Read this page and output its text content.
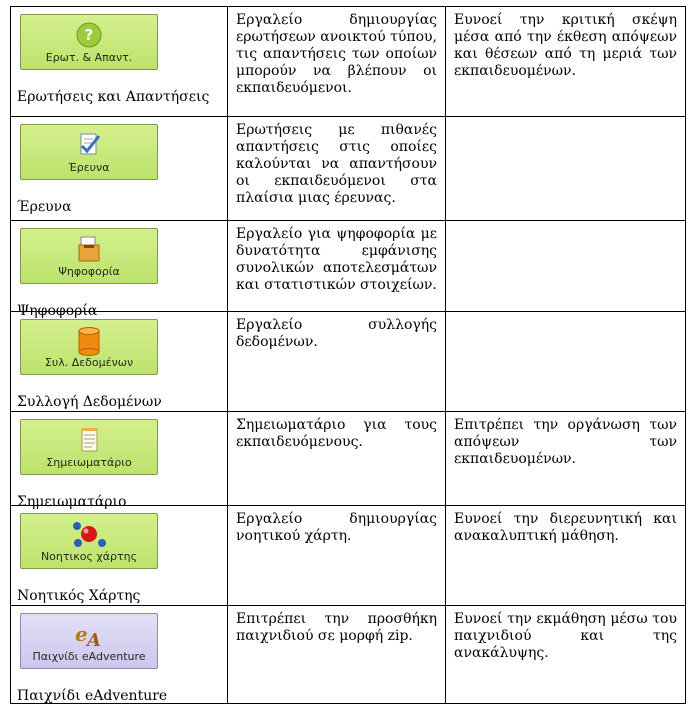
?
Ερωτ. & Απαντ.
Ερωτήσεις και Απαντήσεις	Εργαλείο δημιουργίας ερωτήσεων ανοικτού τύπου, τις απαντήσεις των οποίων μπορούν να βλέπουν οι εκπαιδευόμενοι.	Ευνοεί την κριτική σκέψη μέσα από την έκθεση απόψεων και θέσεων από τη μεριά των εκπαιδευομένων.

Έρευνα
Έρευνα	Ερωτήσεις με πιθανές απαντήσεις στις οποίες καλούνται να απαντήσουν οι εκπαιδευόμενοι στα πλαίσια μιας έρευνας.	

Ψηφοφορία
Ψηφοφορία	Εργαλείο για ψηφοφορία με δυνατότητα εμφάνισης συνολικών αποτελεσμάτων και στατιστικών στοιχείων.	

Συλ. Δεδομένων
Συλλογή Δεδομένων	Εργαλείο συλλογής δεδομένων.	

Σημειωματάριο
Σημειωματάριο	Σημειωματάριο για τους εκπαιδευόμενους.	Επιτρέπει την οργάνωση των απόψεων των εκπαιδευομένων.

Νοητικος χάρτης
Νοητικός Χάρτης	Εργαλείο δημιουργίας νοητικού χάρτη.	Ευνοεί την διερευνητική και ανακαλυπτική μάθηση.

e A
Παιχνίδι eAdventure
Παιχνίδι eAdventure	Επιτρέπει την προσθήκη παιχνιδιού σε μορφή zip.	Ευνοεί την εκμάθηση μέσω του παιχνιδιού και της ανακάλυψης.
